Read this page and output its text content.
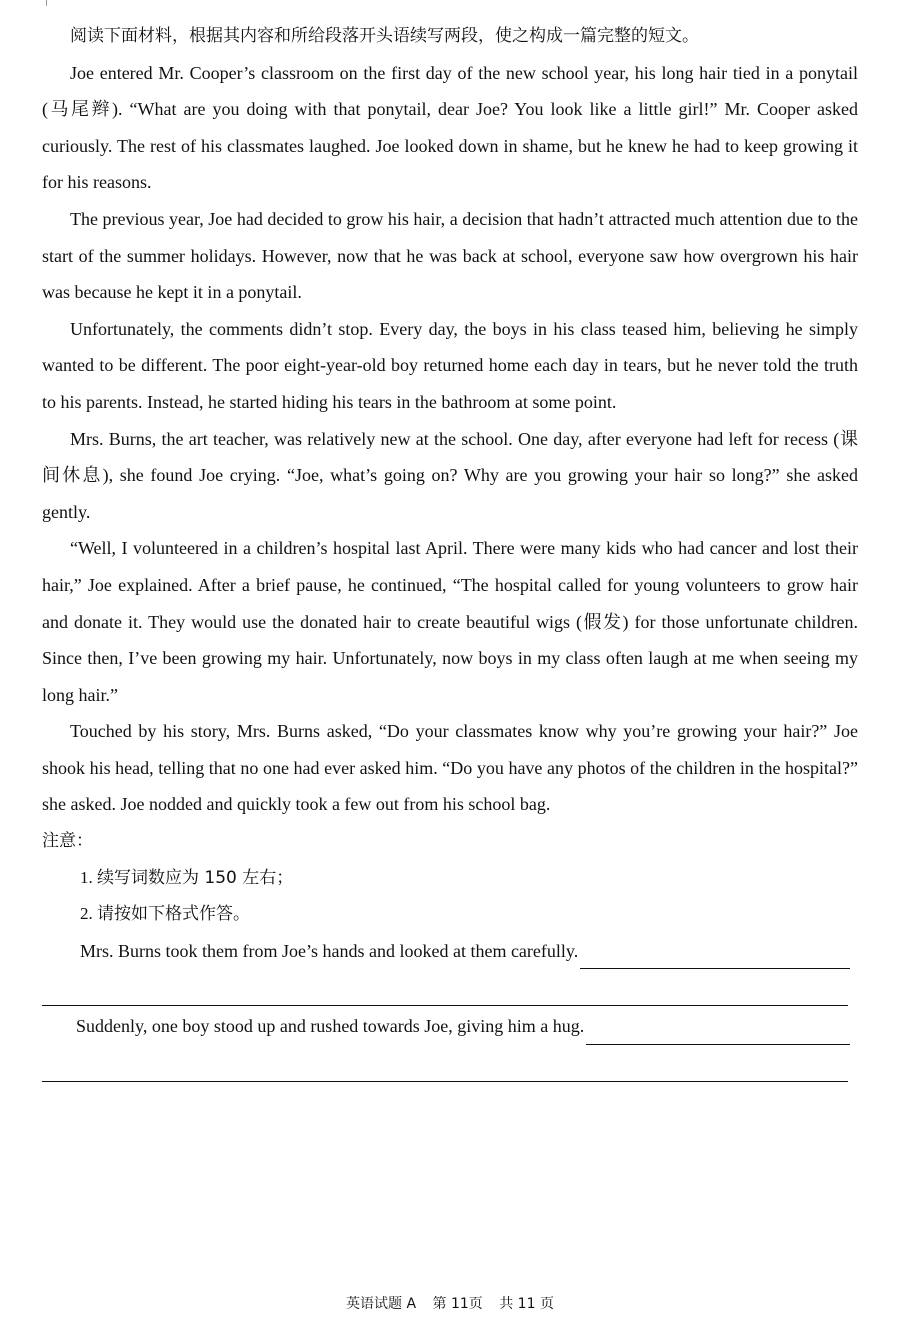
阅读下面材料，根据其内容和所给段落开头语续写两段，使之构成一篇完整的短文。

Joe entered Mr. Cooper’s classroom on the first day of the new school year, his long hair tied in a ponytail (马尾辫). “What are you doing with that ponytail, dear Joe? You look like a little girl!” Mr. Cooper asked curiously. The rest of his classmates laughed. Joe looked down in shame, but he knew he had to keep growing it for his reasons.

The previous year, Joe had decided to grow his hair, a decision that hadn’t attracted much attention due to the start of the summer holidays. However, now that he was back at school, everyone saw how overgrown his hair was because he kept it in a ponytail.

Unfortunately, the comments didn’t stop. Every day, the boys in his class teased him, believing he simply wanted to be different. The poor eight-year-old boy returned home each day in tears, but he never told the truth to his parents. Instead, he started hiding his tears in the bathroom at some point.

Mrs. Burns, the art teacher, was relatively new at the school. One day, after everyone had left for recess (课间休息), she found Joe crying. “Joe, what’s going on? Why are you growing your hair so long?” she asked gently.

“Well, I volunteered in a children’s hospital last April. There were many kids who had cancer and lost their hair,” Joe explained. After a brief pause, he continued, “The hospital called for young volunteers to grow hair and donate it. They would use the donated hair to create beautiful wigs (假发) for those unfortunate children. Since then, I’ve been growing my hair. Unfortunately, now boys in my class often laugh at me when seeing my long hair.”

Touched by his story, Mrs. Burns asked, “Do your classmates know why you’re growing your hair?” Joe shook his head, telling that no one had ever asked him. “Do you have any photos of the children in the hospital?” she asked. Joe nodded and quickly took a few out from his school bag.

注意：

1. 续写词数应为 150 左右；

2. 请按如下格式作答。

Mrs. Burns took them from Joe’s hands and looked at them carefully.
Suddenly, one boy stood up and rushed towards Joe, giving him a hug.
英语试题 A 第 11页 共 11 页
